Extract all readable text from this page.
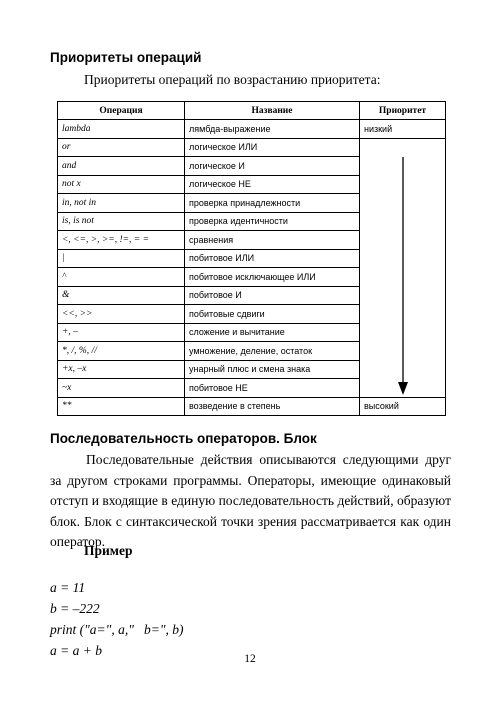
Приоритеты операций

Приоритеты операций по возрастанию приоритета:

Операция	Название	Приоритет
lambda	лямбда-выражение	низкий
or	логическое ИЛИ	
and	логическое И	
not x	логическое НЕ	
in, not in	проверка принадлежности	
is, is not	проверка идентичности	
<, <=, >, >=, !=, = =	сравнения	
|	побитовое ИЛИ	
^	побитовое исключающее ИЛИ	
&	побитовое И	
<<, >>	побитовые сдвиги	
+, –	сложение и вычитание	
*, /, %, //	умножение, деление, остаток	
+x, –x	унарный плюс и смена знака	
~x	побитовое НЕ	
**	возведение в степень	высокий
Последовательность операторов. Блок

Последовательные действия описываются следующими друг за другом строками программы. Операторы, имеющие одинаковый отступ и входящие в единую последовательность действий, образуют блок. Блок с синтаксической точки зрения рассматривается как один оператор.

Пример

a = 11
b = –222
print ("a=", a,"   b=", b)
a = a + b
12
